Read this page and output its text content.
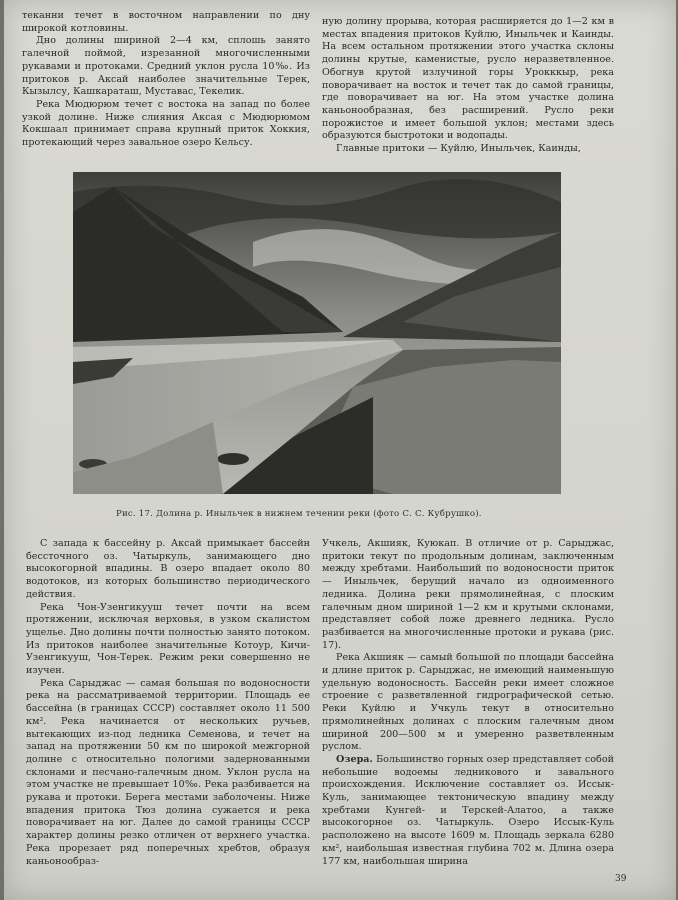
теканни течет в восточном направлении по дну широкой котловины.

Дно долины шириной 2—4 км, сплошь занято галечной поймой, изрезанной многочисленными рукавами и протоками. Средний уклон русла 10‰. Из притоков р. Аксай наиболее значительные Терек, Кызылсу, Кашкараташ, Муставас, Текелик.

Река Мюдюрюм течет с востока на запад по более узкой долине. Ниже слияния Аксая с Мюдюрюмом Кокшаал принимает справа крупный приток Хоккия, протекающий через завальное озеро Кельсу.

ную долину прорыва, которая расширяется до 1—2 км в местах впадения притоков Куйлю, Иныльчек и Каинды. На всем остальном протяжении этого участка склоны долины крутые, каменистые, русло неразветвленное. Обогнув крутой излучиной горы Урокккыр, река поворачивает на восток и течет так до самой границы, где поворачивает на юг. На этом участке долина каньонообразная, без расширений. Русло реки порожистое и имеет большой уклон; местами здесь образуются быстротоки и водопады.

Главные притоки — Куйлю, Иныльчек, Каинды,

Рис. 17. Долина р. Иныльчек в нижнем течении реки (фото С. С. Кубрушко).

С запада к бассейну р. Аксай примыкает бассейн бессточного оз. Чатыркуль, занимающего дно высокогорной впадины. В озеро впадает около 80 водотоков, из которых большинство периодического действия.

Река Чон-Узенгикууш течет почти на всем протяжении, исключая верховья, в узком скалистом ущелье. Дно долины почти полностью занято потоком. Из притоков наиболее значительные Котоур, Кичи-Узенгикууш, Чон-Терек. Режим реки совершенно не изучен.

Река Сарыджас — самая большая по водоносности река на рассматриваемой территории. Площадь ее бассейна (в границах СССР) составляет около 11 500 км². Река начинается от нескольких ручьев, вытекающих из-под ледника Семенова, и течет на запад на протяжении 50 км по широкой межгорной долине с относительно пологими задернованными склонами и песчано-галечным дном. Уклон русла на этом участке не превышает 10‰. Река разбивается на рукава и протоки. Берега местами заболочены. Ниже впадения притока Тюз долина сужается и река поворачивает на юг. Далее до самой границы СССР характер долины резко отличен от верхнего участка. Река прорезает ряд поперечных хребтов, образуя каньонообраз-

Учкель, Акшияк, Куюкап. В отличие от р. Сарыджас, притоки текут по продольным долинам, заключенным между хребтами. Наибольший по водоносности приток — Иныльчек, берущий начало из одноименного ледника. Долина реки прямолинейная, с плоским галечным дном шириной 1—2 км и крутыми склонами, представляет собой ложе древнего ледника. Русло разбивается на многочисленные протоки и рукава (рис. 17).

Река Акшияк — самый большой по площади бассейна и длине приток р. Сарыджас, не имеющий наименьшую удельную водоносность. Бассейн реки имеет сложное строение с разветвленной гидрографической сетью. Реки Куйлю и Учкуль текут в относительно прямолинейных долинах с плоским галечным дном шириной 200—500 м и умеренно разветвленным руслом.

Озера. Большинство горных озер представляет собой небольшие водоемы ледникового и завального происхождения. Исключение составляет оз. Иссык-Куль, занимающее тектоническую впадину между хребтами Кунгей- и Терскей-Алатоо, а также высокогорное оз. Чатыркуль. Озеро Иссык-Куль расположено на высоте 1609 м. Площадь зеркала 6280 км², наибольшая известная глубина 702 м. Длина озера 177 км, наибольшая ширина

39
